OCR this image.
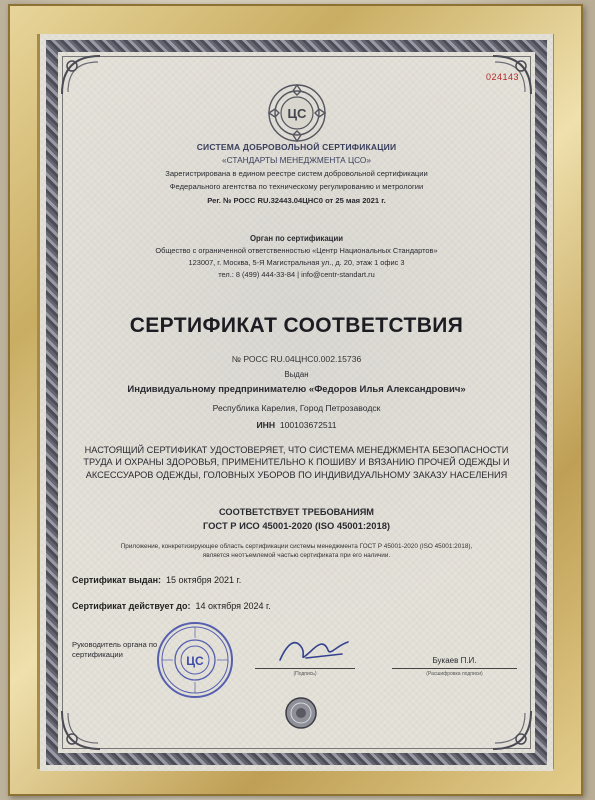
024143
ЦС
СИСТЕМА ДОБРОВОЛЬНОЙ СЕРТИФИКАЦИИ
«СТАНДАРТЫ МЕНЕДЖМЕНТА ЦСО»
Зарегистрирована в едином реестре систем добровольной сертификации
Федерального агентства по техническому регулированию и метрологии
Рег. № РОСС RU.32443.04ЦНС0 от 25 мая 2021 г.
Орган по сертификации
Общество с ограниченной ответственностью «Центр Национальных Стандартов»
123007, г. Москва, 5-Я Магистральная ул., д. 20, этаж 1 офис 3
тел.: 8 (499) 444-33-84 | info@centr-standart.ru
СЕРТИФИКАТ СООТВЕТСТВИЯ
№ РОСС RU.04ЦНС0.002.15736
Выдан
Индивидуальному предпринимателю «Федоров Илья Александрович»
Республика Карелия, Город Петрозаводск
ИНН 100103672511
НАСТОЯЩИЙ СЕРТИФИКАТ УДОСТОВЕРЯЕТ, ЧТО СИСТЕМА МЕНЕДЖМЕНТА БЕЗОПАСНОСТИ ТРУДА И ОХРАНЫ ЗДОРОВЬЯ, ПРИМЕНИТЕЛЬНО К ПОШИВУ И ВЯЗАНИЮ ПРОЧЕЙ ОДЕЖДЫ И АКСЕССУАРОВ ОДЕЖДЫ, ГОЛОВНЫХ УБОРОВ ПО ИНДИВИДУАЛЬНОМУ ЗАКАЗУ НАСЕЛЕНИЯ
СООТВЕТСТВУЕТ ТРЕБОВАНИЯМ
ГОСТ Р ИСО 45001-2020 (ISO 45001:2018)
Приложение, конкретизирующее область сертификации системы менеджмента ГОСТ Р 45001-2020 (ISO 45001:2018),
является неотъемлемой частью сертификата при его наличии.
Сертификат выдан: 15 октября 2021 г.
Сертификат действует до: 14 октября 2024 г.
Руководитель органа по
сертификации	ЦС
(Подпись)
Букаев П.И.
(Расшифровка подписи)
